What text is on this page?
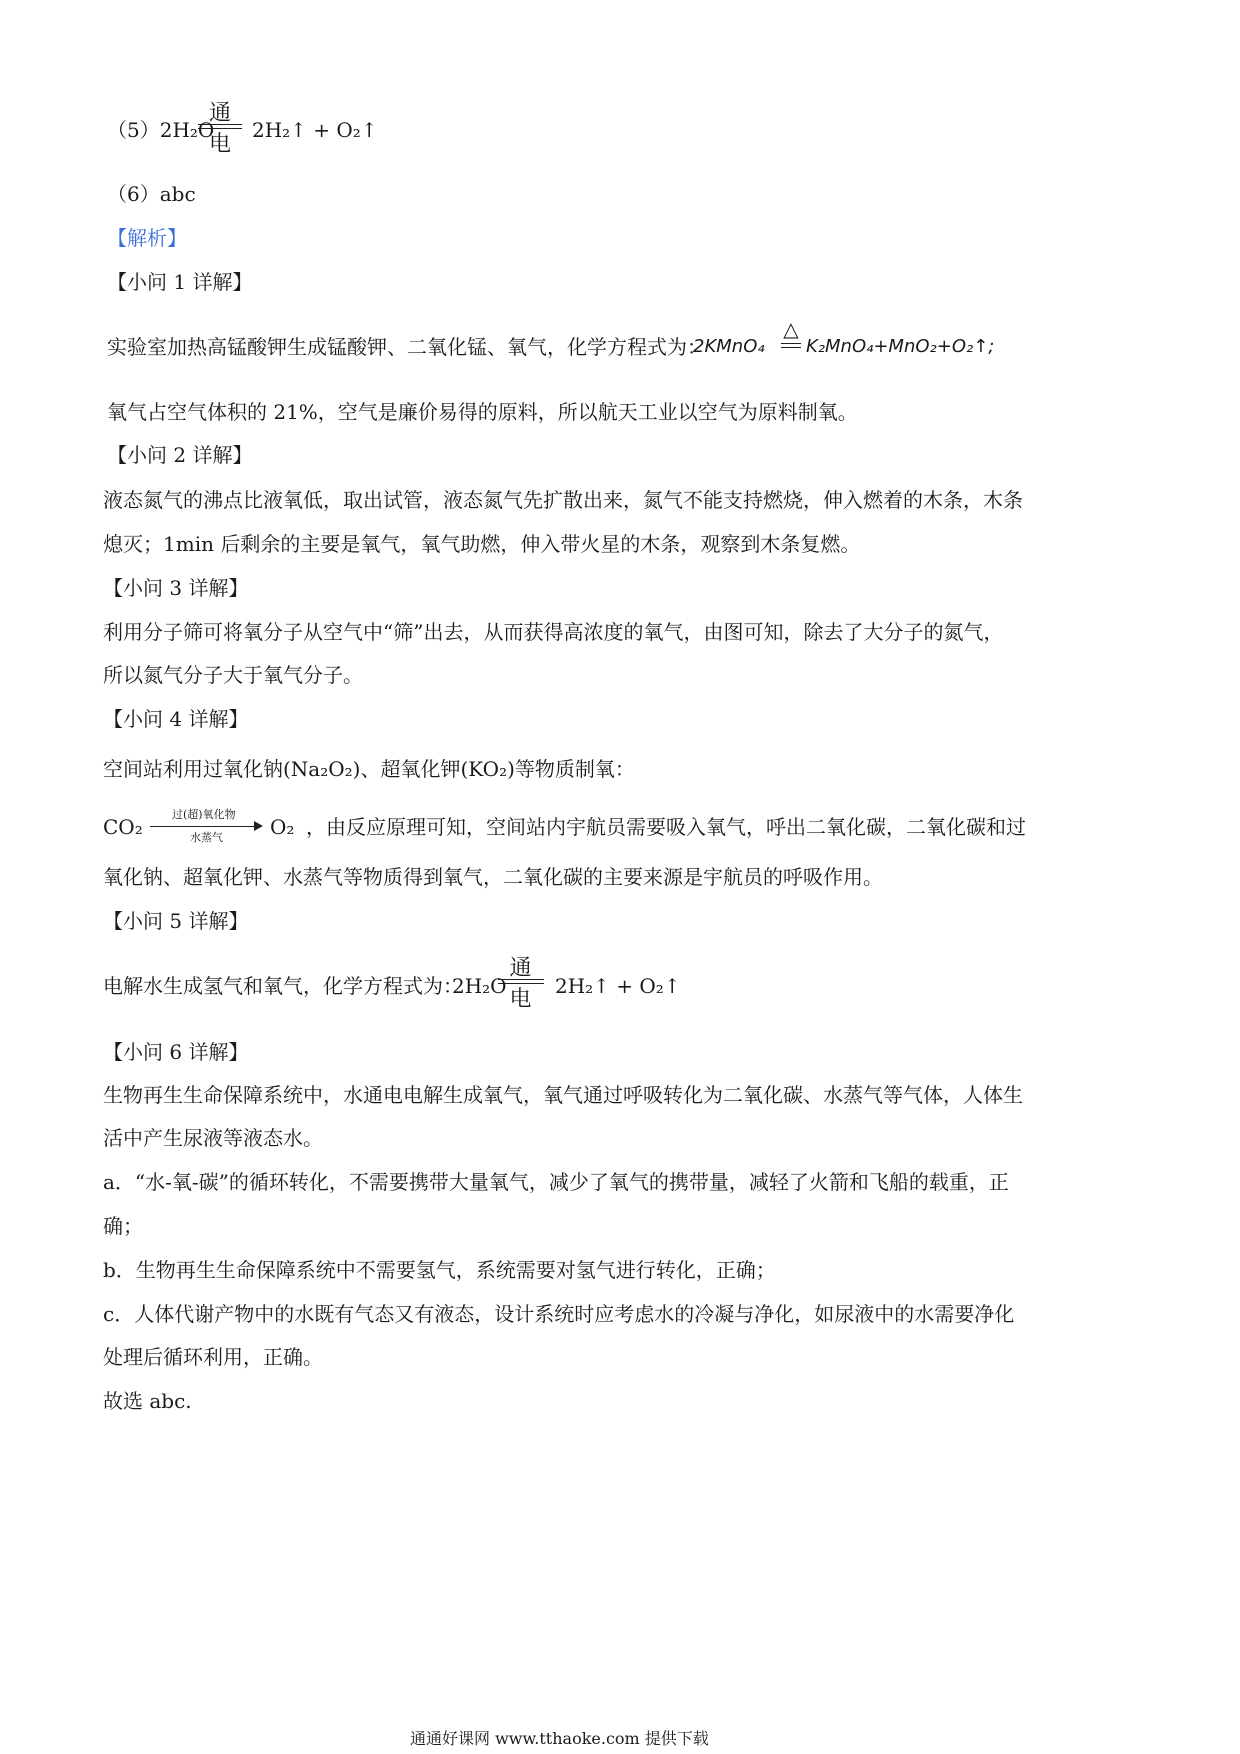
（5）2H₂O
通电
2H₂↑ + O₂↑
（6）abc
【解析】
【小问 1 详解】
实验室加热高锰酸钾生成锰酸钾、二氧化锰、氧气，化学方程式为：
2KMnO₄
△
K₂MnO₄+MnO₂+O₂↑;
氧气占空气体积的 21%，空气是廉价易得的原料，所以航天工业以空气为原料制氧。
【小问 2 详解】
液态氮气的沸点比液氧低，取出试管，液态氮气先扩散出来，氮气不能支持燃烧，伸入燃着的木条，木条
熄灭；1min 后剩余的主要是氧气，氧气助燃，伸入带火星的木条，观察到木条复燃。
【小问 3 详解】
利用分子筛可将氧分子从空气中“筛”出去，从而获得高浓度的氧气，由图可知，除去了大分子的氮气，
所以氮气分子大于氧气分子。
【小问 4 详解】
空间站利用过氧化钠(Na₂O₂)、超氧化钾(KO₂)等物质制氧：
CO₂
过(超)氧化物
水蒸气 O₂ ，由反应原理可知，空间站内宇航员需要吸入氧气，呼出二氧化碳，二氧化碳和过
氧化钠、超氧化钾、水蒸气等物质得到氧气，二氧化碳的主要来源是宇航员的呼吸作用。
【小问 5 详解】
电解水生成氢气和氧气，化学方程式为：
2H₂O
通电
2H₂↑ + O₂↑
【小问 6 详解】
生物再生生命保障系统中，水通电电解生成氧气，氧气通过呼吸转化为二氧化碳、水蒸气等气体，人体生
活中产生尿液等液态水。
a．“水-氧-碳”的循环转化，不需要携带大量氧气，减少了氧气的携带量，减轻了火箭和飞船的载重，正
确；
b．生物再生生命保障系统中不需要氢气，系统需要对氢气进行转化，正确；
c．人体代谢产物中的水既有气态又有液态，设计系统时应考虑水的冷凝与净化，如尿液中的水需要净化
处理后循环利用，正确。
故选 abc.
通通好课网 www.tthaoke.com 提供下载
